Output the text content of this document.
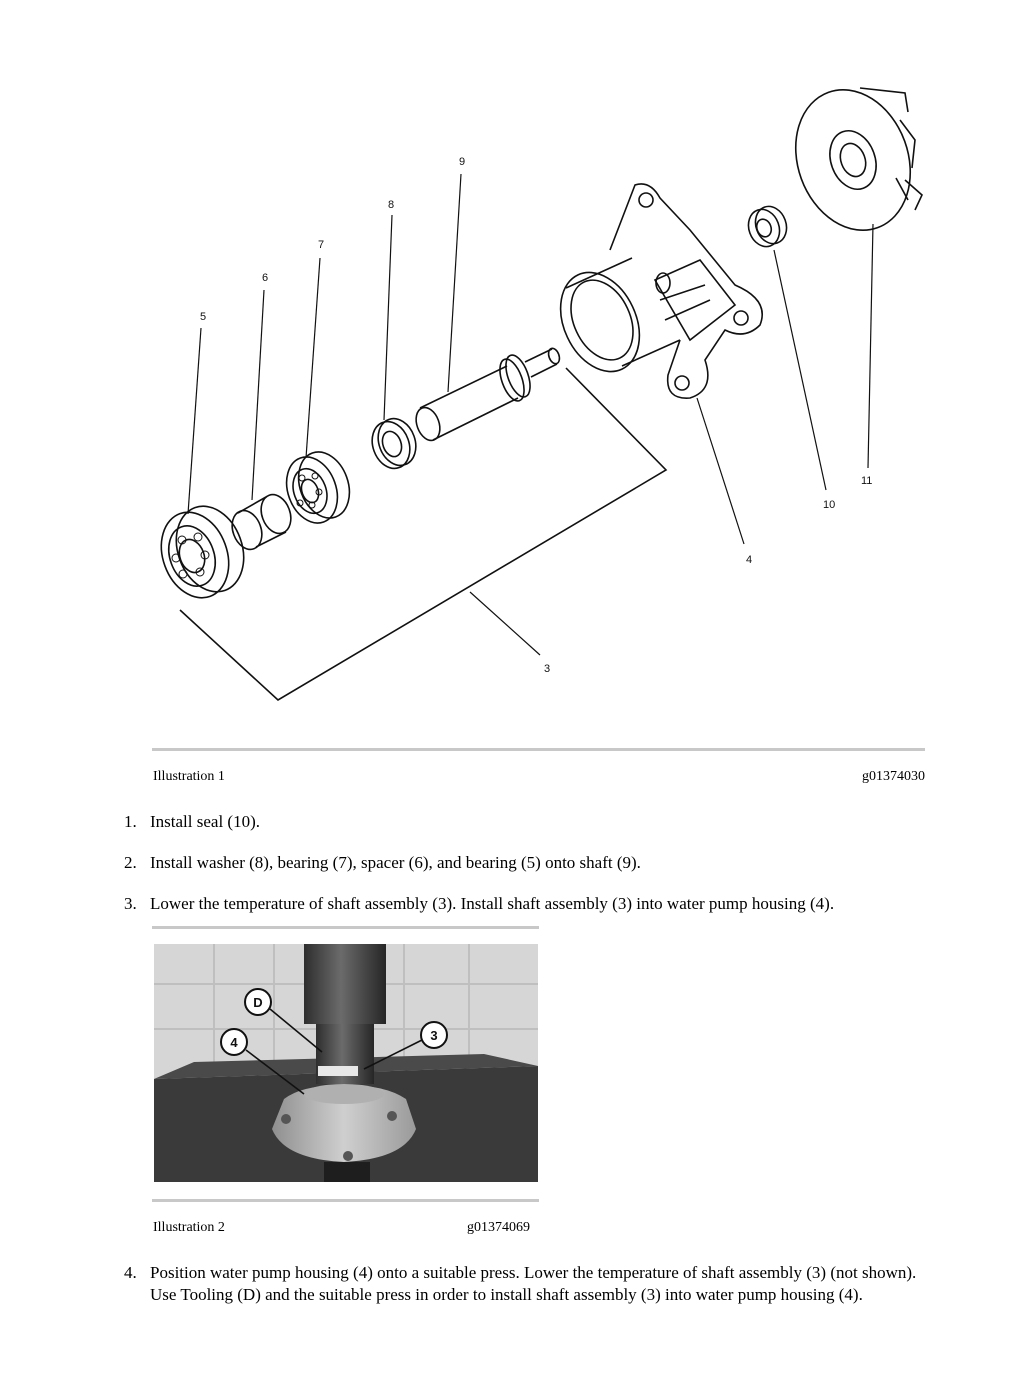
5
6
7
8
9
4
10
11
3
Illustration 1	g01374030
1. Install seal (10).
2. Install washer (8), bearing (7), spacer (6), and bearing (5) onto shaft (9).
3. Lower the temperature of shaft assembly (3). Install shaft assembly (3) into water pump housing (4).
D
4	3
Illustration 2	g01374069
4. Position water pump housing (4) onto a suitable press. Lower the temperature of shaft assembly (3) (not shown). Use Tooling (D) and the suitable press in order to install shaft assembly (3) into water pump housing (4).
